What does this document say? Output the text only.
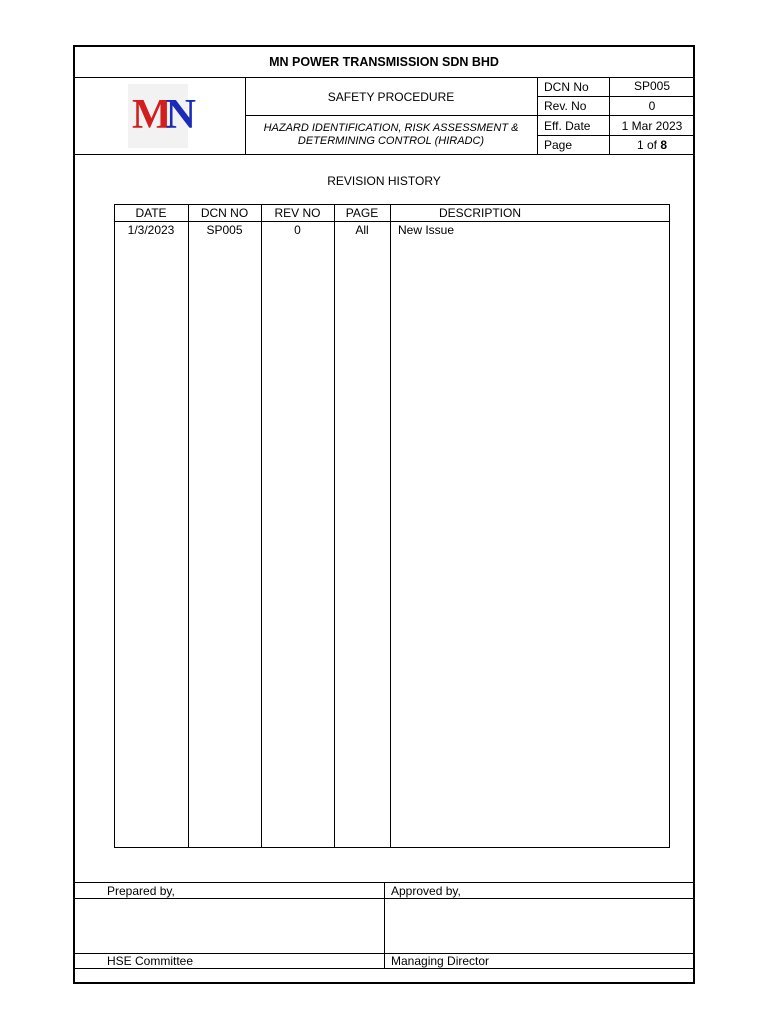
MN POWER TRANSMISSION SDN BHD
MN	SAFETY PROCEDURE
HAZARD IDENTIFICATION, RISK ASSESSMENT &
DETERMINING CONTROL (HIRADC)
DCN No	SP005
Rev. No	0
Eff. Date	1 Mar 2023
Page	1 of 8
REVISION HISTORY
DATE	DCN NO	REV NO	PAGE	DESCRIPTION
1/3/2023	SP005	0	All	New Issue
Prepared by,	Approved by,
HSE Committee	Managing Director
